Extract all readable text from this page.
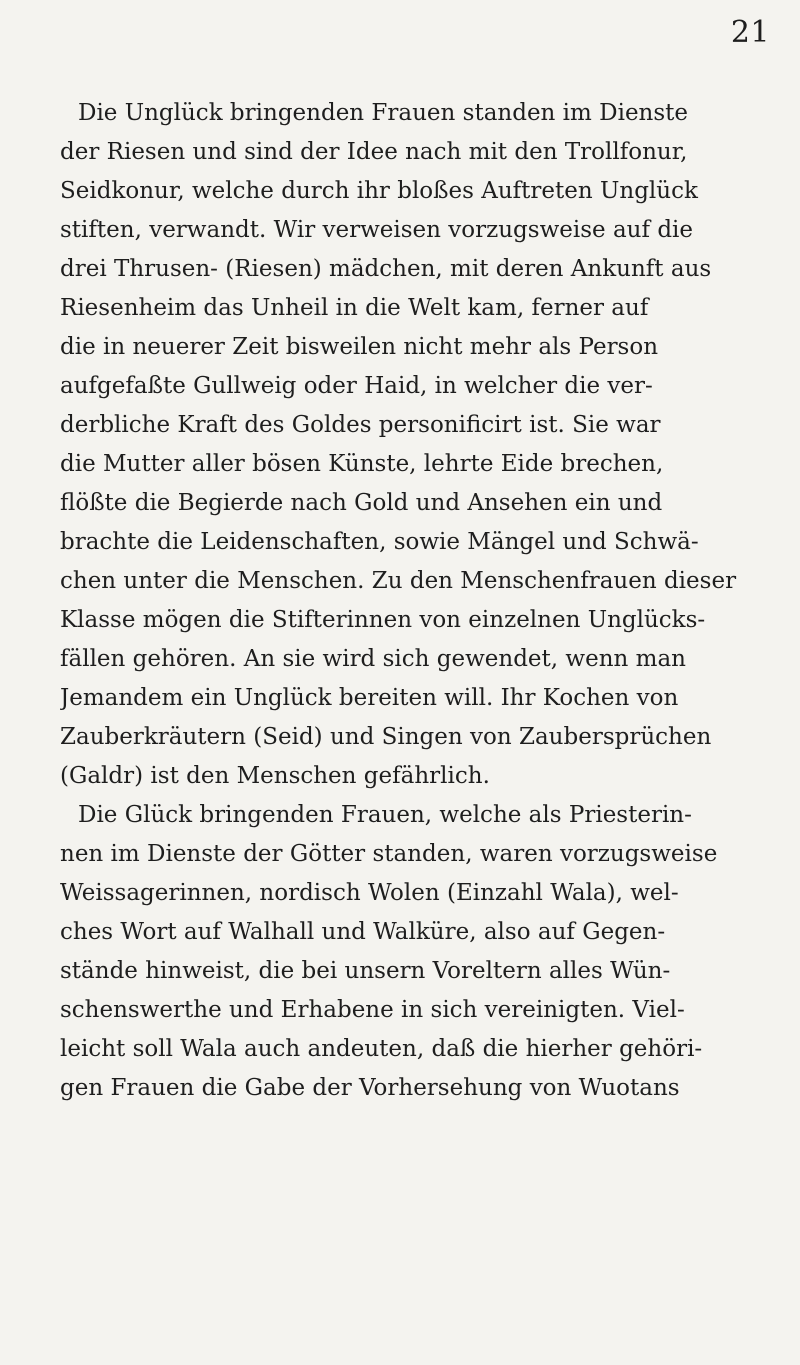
21
Die Unglück bringenden Frauen standen im Dienste
der Riesen und sind der Idee nach mit den Trollfonur,
Seidkonur, welche durch ihr bloßes Auftreten Unglück
stiften, verwandt. Wir verweisen vorzugsweise auf die
drei Thrusen- (Riesen) mädchen, mit deren Ankunft aus
Riesenheim das Unheil in die Welt kam, ferner auf
die in neuerer Zeit bisweilen nicht mehr als Person
aufgefaßte Gullweig oder Haid, in welcher die ver-
derbliche Kraft des Goldes personificirt ist. Sie war
die Mutter aller bösen Künste, lehrte Eide brechen,
flößte die Begierde nach Gold und Ansehen ein und
brachte die Leidenschaften, sowie Mängel und Schwä-
chen unter die Menschen. Zu den Menschenfrauen dieser
Klasse mögen die Stifterinnen von einzelnen Unglücks-
fällen gehören. An sie wird sich gewendet, wenn man
Jemandem ein Unglück bereiten will. Ihr Kochen von
Zauberkräutern (Seid) und Singen von Zaubersprüchen
(Galdr) ist den Menschen gefährlich.
Die Glück bringenden Frauen, welche als Priesterin-
nen im Dienste der Götter standen, waren vorzugsweise
Weissagerinnen, nordisch Wolen (Einzahl Wala), wel-
ches Wort auf Walhall und Walküre, also auf Gegen-
stände hinweist, die bei unsern Voreltern alles Wün-
schenswerthe und Erhabene in sich vereinigten. Viel-
leicht soll Wala auch andeuten, daß die hierher gehöri-
gen Frauen die Gabe der Vorhersehung von Wuotans
